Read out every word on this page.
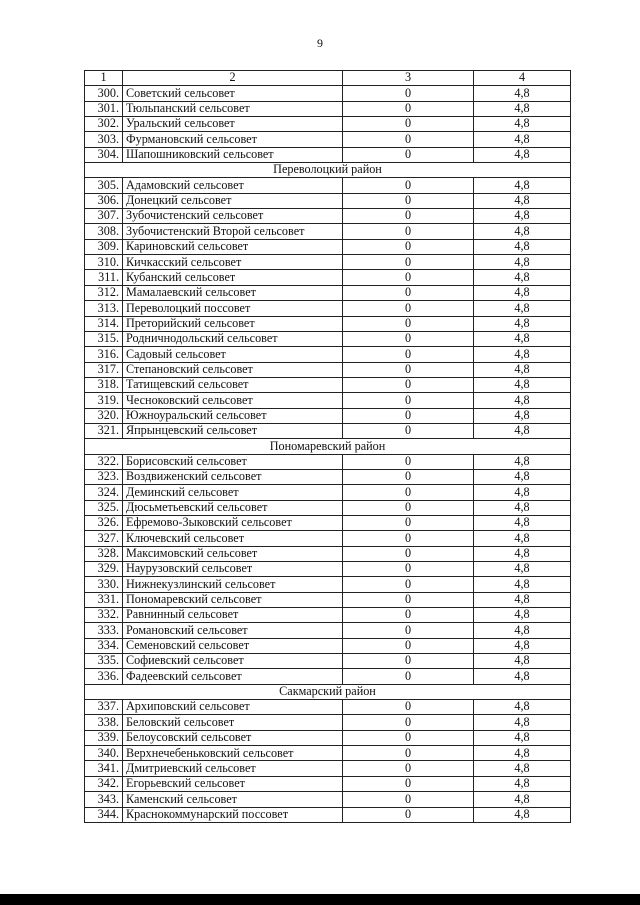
9
1	2	3	4
300.	Советский сельсовет	0	4,8
301.	Тюльпанский сельсовет	0	4,8
302.	Уральский сельсовет	0	4,8
303.	Фурмановский сельсовет	0	4,8
304.	Шапошниковский сельсовет	0	4,8
Переволоцкий район			
305.	Адамовский сельсовет	0	4,8
306.	Донецкий сельсовет	0	4,8
307.	Зубочистенский сельсовет	0	4,8
308.	Зубочистенский Второй сельсовет	0	4,8
309.	Кариновский сельсовет	0	4,8
310.	Кичкасский сельсовет	0	4,8
311.	Кубанский сельсовет	0	4,8
312.	Мамалаевский сельсовет	0	4,8
313.	Переволоцкий поссовет	0	4,8
314.	Преторийский сельсовет	0	4,8
315.	Родничнодольский сельсовет	0	4,8
316.	Садовый сельсовет	0	4,8
317.	Степановский сельсовет	0	4,8
318.	Татищевский сельсовет	0	4,8
319.	Чесноковский сельсовет	0	4,8
320.	Южноуральский сельсовет	0	4,8
321.	Япрынцевский сельсовет	0	4,8
Пономаревский район			
322.	Борисовский сельсовет	0	4,8
323.	Воздвиженский сельсовет	0	4,8
324.	Деминский сельсовет	0	4,8
325.	Дюсьметьевский сельсовет	0	4,8
326.	Ефремово-Зыковский сельсовет	0	4,8
327.	Ключевский сельсовет	0	4,8
328.	Максимовский сельсовет	0	4,8
329.	Наурузовский сельсовет	0	4,8
330.	Нижнекузлинский сельсовет	0	4,8
331.	Пономаревский сельсовет	0	4,8
332.	Равнинный сельсовет	0	4,8
333.	Романовский сельсовет	0	4,8
334.	Семеновский сельсовет	0	4,8
335.	Софиевский сельсовет	0	4,8
336.	Фадеевский сельсовет	0	4,8
Сакмарский район			
337.	Архиповский сельсовет	0	4,8
338.	Беловский сельсовет	0	4,8
339.	Белоусовский сельсовет	0	4,8
340.	Верхнечебеньковский сельсовет	0	4,8
341.	Дмитриевский сельсовет	0	4,8
342.	Егорьевский сельсовет	0	4,8
343.	Каменский сельсовет	0	4,8
344.	Краснокоммунарский поссовет	0	4,8
